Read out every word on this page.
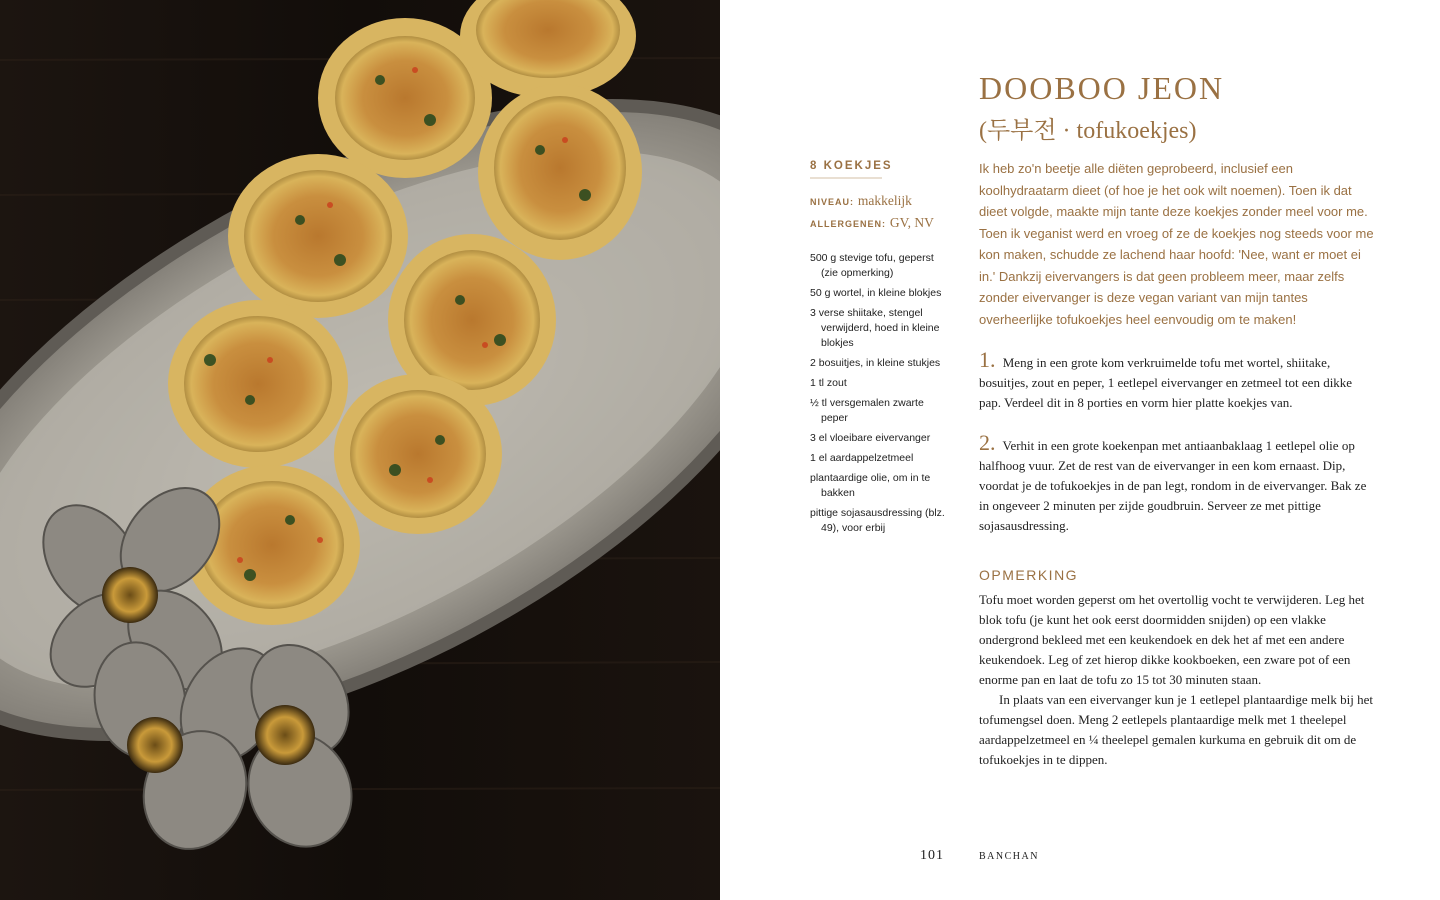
DOOBOO JEON
(두부전 · tofukoekjes)
8 KOEKJES
NIVEAU: makkelijk
ALLERGENEN: GV, NV
500 g stevige tofu, geperst (zie opmerking)
50 g wortel, in kleine blokjes
3 verse shiitake, stengel verwijderd, hoed in kleine blokjes
2 bosuitjes, in kleine stukjes
1 tl zout
½ tl versgemalen zwarte peper
3 el vloeibare eivervanger
1 el aardappelzetmeel
plantaardige olie, om in te bakken
pittige sojasausdressing (blz. 49), voor erbij

Ik heb zo'n beetje alle diëten geprobeerd, inclusief een koolhydraatarm dieet (of hoe je het ook wilt noemen). Toen ik dat dieet volgde, maakte mijn tante deze koekjes zonder meel voor me. Toen ik veganist werd en vroeg of ze de koekjes nog steeds voor me kon maken, schudde ze lachend haar hoofd: 'Nee, want er moet ei in.' Dankzij eivervangers is dat geen probleem meer, maar zelfs zonder eivervanger is deze vegan variant van mijn tantes overheerlijke tofukoekjes heel eenvoudig om te maken!

1. Meng in een grote kom verkruimelde tofu met wortel, shiitake, bosuitjes, zout en peper, 1 eetlepel eivervanger en zetmeel tot een dikke pap. Verdeel dit in 8 porties en vorm hier platte koekjes van.

2. Verhit in een grote koekenpan met antiaanbaklaag 1 eetlepel olie op halfhoog vuur. Zet de rest van de eivervanger in een kom ernaast. Dip, voordat je de tofukoekjes in de pan legt, rondom in de eivervanger. Bak ze in ongeveer 2 minuten per zijde goudbruin. Serveer ze met pittige sojasausdressing.

OPMERKING

Tofu moet worden geperst om het overtollig vocht te verwijderen. Leg het blok tofu (je kunt het ook eerst doormidden snijden) op een vlakke ondergrond bekleed met een keukendoek en dek het af met een andere keukendoek. Leg of zet hierop dikke kookboeken, een zware pot of een enorme pan en laat de tofu zo 15 tot 30 minuten staan.

In plaats van een eivervanger kun je 1 eetlepel plantaardige melk bij het tofumengsel doen. Meng 2 eetlepels plantaardige melk met 1 theelepel aardappelzetmeel en ¼ theelepel gemalen kurkuma en gebruik dit om de tofukoekjes in te dippen.

101	BANCHAN
